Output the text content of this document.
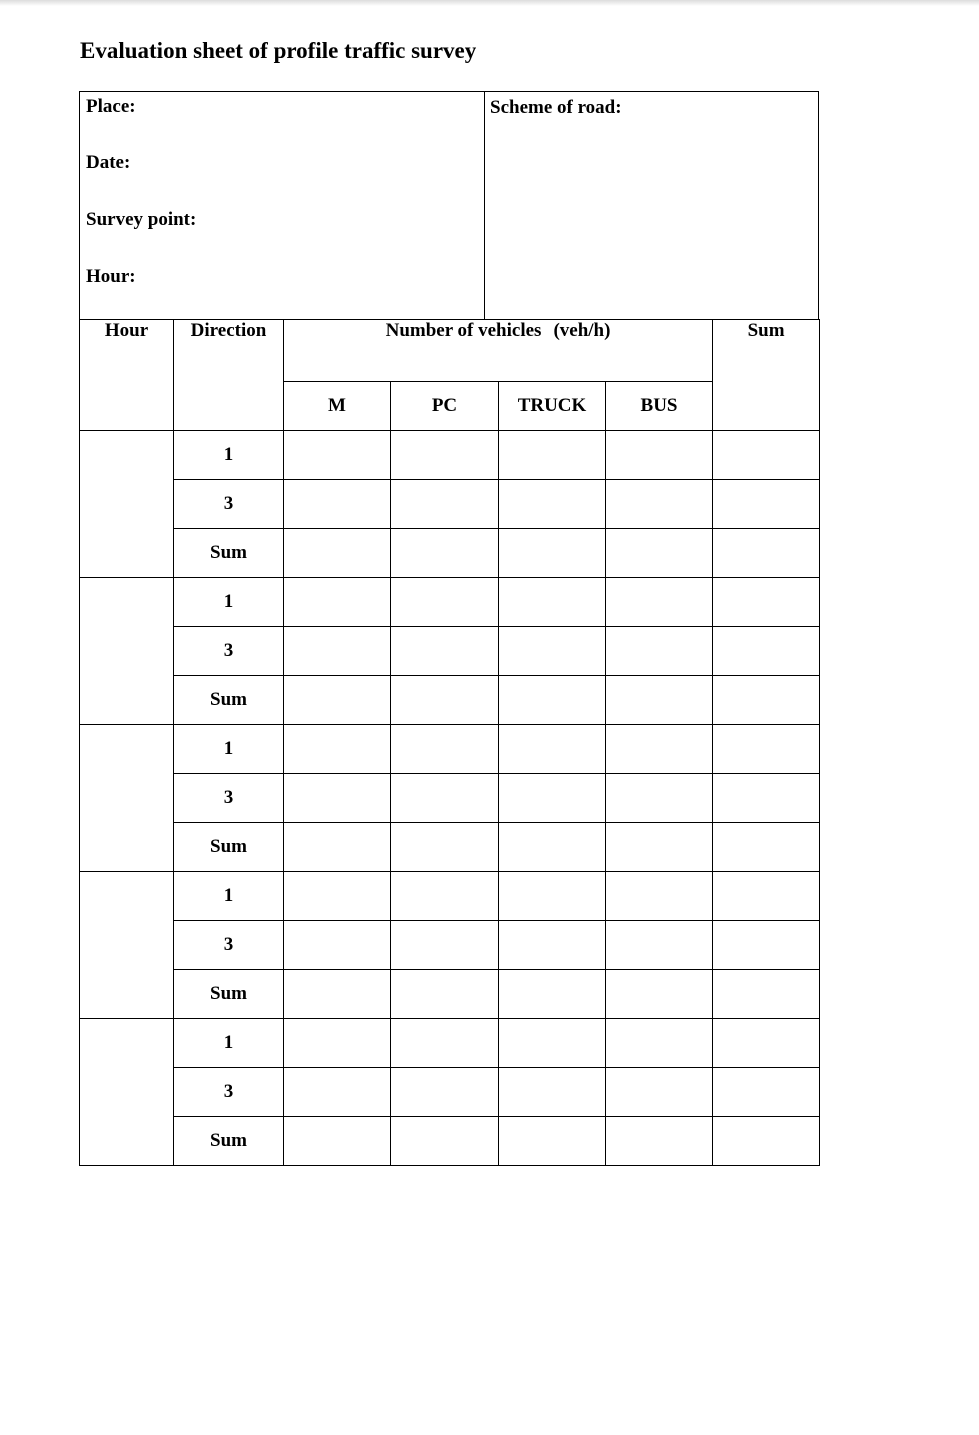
Evaluation sheet of profile traffic survey
Place:
Date:
Survey point:
Hour:
Scheme of road:
Hour	Direction	Number of vehicles (veh/h)				Sum
		M	PC	TRUCK	BUS	
	1					
	3					
	Sum					
	1					
	3					
	Sum					
	1					
	3					
	Sum					
	1					
	3					
	Sum					
	1					
	3					
	Sum					
